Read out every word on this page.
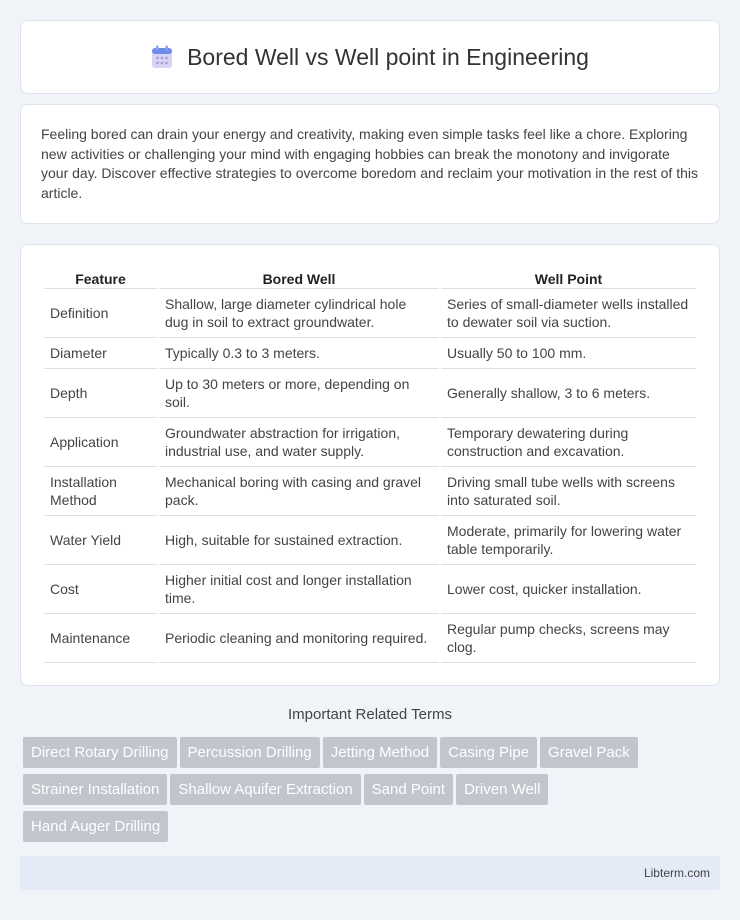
Bored Well vs Well point in Engineering

Feeling bored can drain your energy and creativity, making even simple tasks feel like a chore. Exploring new activities or challenging your mind with engaging hobbies can break the monotony and invigorate your day. Discover effective strategies to overcome boredom and reclaim your motivation in the rest of this article.

Feature	Bored Well	Well Point
Definition	Shallow, large diameter cylindrical hole dug in soil to extract groundwater.	Series of small-diameter wells installed to dewater soil via suction.
Diameter	Typically 0.3 to 3 meters.	Usually 50 to 100 mm.
Depth	Up to 30 meters or more, depending on soil.	Generally shallow, 3 to 6 meters.
Application	Groundwater abstraction for irrigation, industrial use, and water supply.	Temporary dewatering during construction and excavation.
Installation Method	Mechanical boring with casing and gravel pack.	Driving small tube wells with screens into saturated soil.
Water Yield	High, suitable for sustained extraction.	Moderate, primarily for lowering water table temporarily.
Cost	Higher initial cost and longer installation time.	Lower cost, quicker installation.
Maintenance	Periodic cleaning and monitoring required.	Regular pump checks, screens may clog.
Important Related Terms
Direct Rotary Drilling Percussion Drilling Jetting Method Casing Pipe Gravel Pack
Strainer Installation Shallow Aquifer Extraction Sand Point Driven Well
Hand Auger Drilling
Libterm.com
